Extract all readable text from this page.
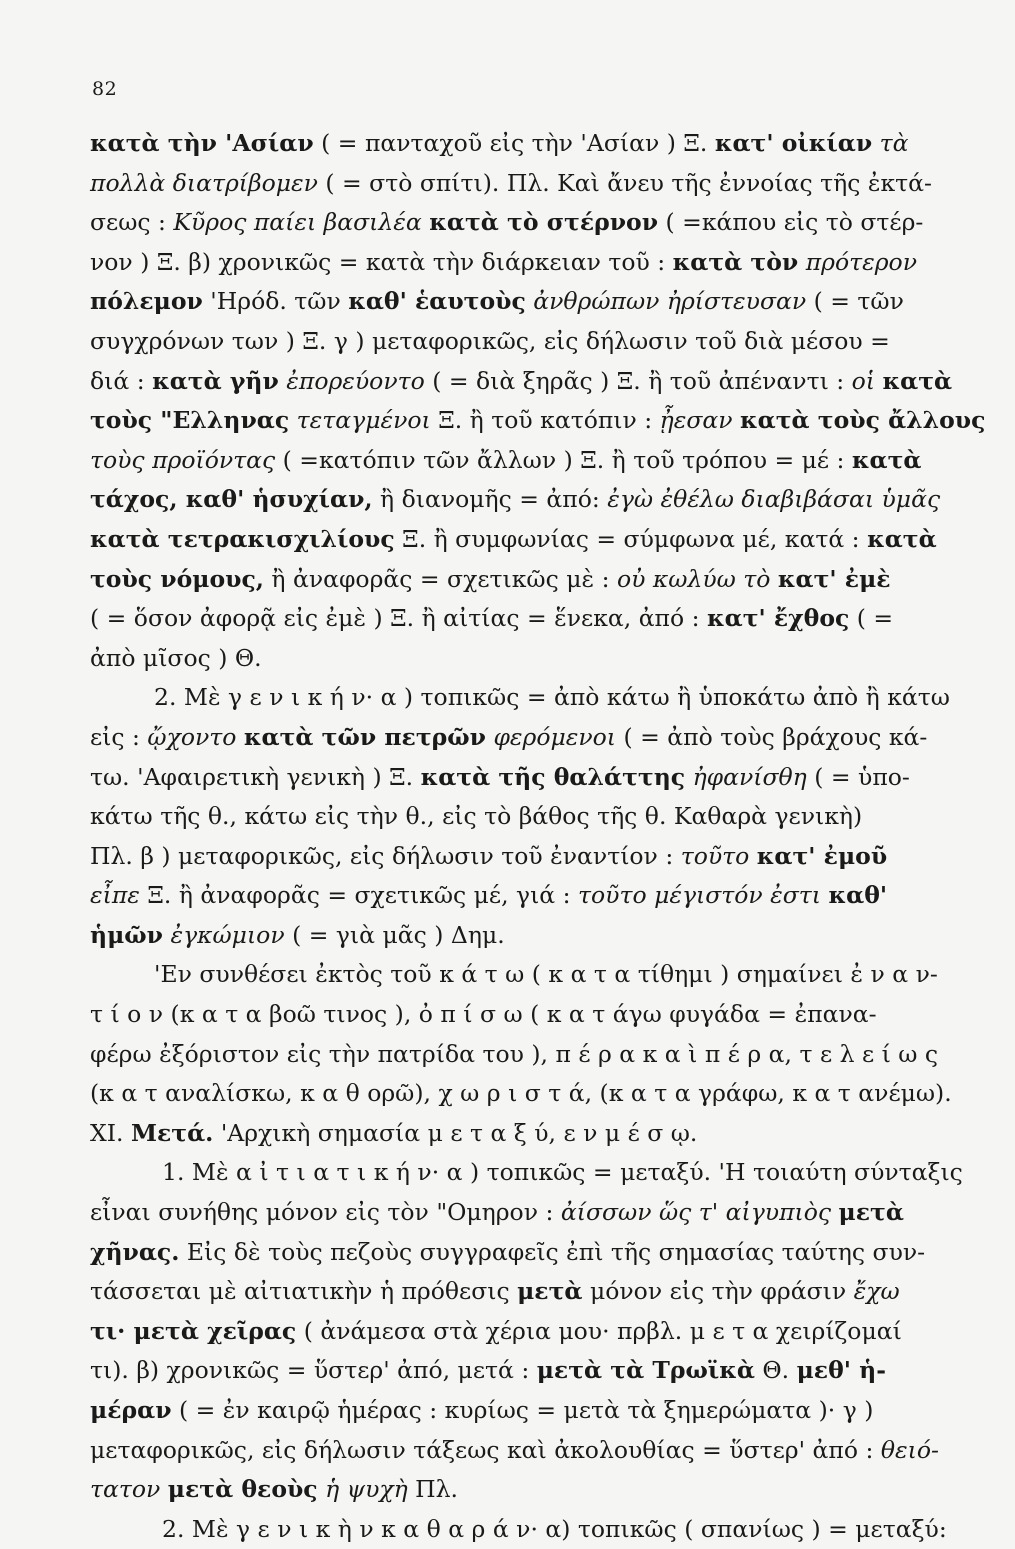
82
κατὰ τὴν 'Ασίαν ( = πανταχοῦ εἰς τὴν 'Ασίαν ) Ξ. κατ' οἰκίαν τὰ
πολλὰ διατρίβομεν ( = στὸ σπίτι). Πλ. Καὶ ἄνευ τῆς ἐννοίας τῆς ἐκτά-
σεως : Κῦρος παίει βασιλέα κατὰ τὸ στέρνον ( =κάπου εἰς τὸ στέρ-
νον ) Ξ. β) χρονικῶς = κατὰ τὴν διάρκειαν τοῦ : κατὰ τὸν πρότερον
πόλεμον 'Ηρόδ. τῶν καθ' ἑαυτοὺς ἀνθρώπων ἠρίστευσαν ( = τῶν
συγχρόνων των ) Ξ. γ ) μεταφορικῶς, εἰς δήλωσιν τοῦ διὰ μέσου =
διά : κατὰ γῆν ἐπορεύοντο ( = διὰ ξηρᾶς ) Ξ. ἢ τοῦ ἀπέναντι : οἱ κατὰ
τοὺς "Ελληνας τεταγμένοι Ξ. ἢ τοῦ κατόπιν : ᾖεσαν κατὰ τοὺς ἄλλους
τοὺς προϊόντας ( =κατόπιν τῶν ἄλλων ) Ξ. ἢ τοῦ τρόπου = μέ : κατὰ
τάχος, καθ' ἡσυχίαν, ἢ διανομῆς = ἀπό: ἐγὼ ἐθέλω διαβιβάσαι ὑμᾶς
κατὰ τετρακισχιλίους Ξ. ἢ συμφωνίας = σύμφωνα μέ, κατά : κατὰ
τοὺς νόμους, ἢ ἀναφορᾶς = σχετικῶς μὲ : οὐ κωλύω τὸ κατ' ἐμὲ
( = ὅσον ἀφορᾷ εἰς ἐμὲ ) Ξ. ἢ αἰτίας = ἕνεκα, ἀπό : κατ' ἔχθος ( =
ἀπὸ μῖσος ) Θ.
2. Μὲ γ ε ν ι κ ή ν· α ) τοπικῶς = ἀπὸ κάτω ἢ ὑποκάτω ἀπὸ ἢ κάτω
εἰς : ᾤχοντο κατὰ τῶν πετρῶν φερόμενοι ( = ἀπὸ τοὺς βράχους κά-
τω. 'Αφαιρετικὴ γενικὴ ) Ξ. κατὰ τῆς θαλάττης ἠφανίσθη ( = ὑπο-
κάτω τῆς θ., κάτω εἰς τὴν θ., εἰς τὸ βάθος τῆς θ. Καθαρὰ γενικὴ)
Πλ. β ) μεταφορικῶς, εἰς δήλωσιν τοῦ ἐναντίον : τοῦτο κατ' ἐμοῦ
εἶπε Ξ. ἢ ἀναφορᾶς = σχετικῶς μέ, γιά : τοῦτο μέγιστόν ἐστι καθ'
ἡμῶν ἐγκώμιον ( = γιὰ μᾶς ) Δημ.
'Εν συνθέσει ἐκτὸς τοῦ κ ά τ ω ( κ α τ α τίθημι ) σημαίνει ἐ ν α ν-
τ ί ο ν (κ α τ α βοῶ τινος ), ὀ π ί σ ω ( κ α τ άγω φυγάδα = ἐπανα-
φέρω ἐξόριστον εἰς τὴν πατρίδα του ), π έ ρ α κ α ὶ π έ ρ α, τ ε λ ε ί ω ς
(κ α τ αναλίσκω, κ α θ ορῶ), χ ω ρ ι σ τ ά, (κ α τ α γράφω, κ α τ ανέμω).
XI. Μετά. 'Αρχικὴ σημασία μ ε τ α ξ ύ, ε ν μ έ σ ῳ.
1. Μὲ α ἰ τ ι α τ ι κ ή ν· α ) τοπικῶς = μεταξύ. 'Η τοιαύτη σύνταξις
εἶναι συνήθης μόνον εἰς τὸν "Ομηρον : ἀίσσων ὥς τ' αἰγυπιὸς μετὰ
χῆνας. Εἰς δὲ τοὺς πεζοὺς συγγραφεῖς ἐπὶ τῆς σημασίας ταύτης συν-
τάσσεται μὲ αἰτιατικὴν ἡ πρόθεσις μετὰ μόνον εἰς τὴν φράσιν ἔχω
τι· μετὰ χεῖρας ( ἀνάμεσα στὰ χέρια μου· πρβλ. μ ε τ α χειρίζομαί
τι). β) χρονικῶς = ὕστερ' ἀπό, μετά : μετὰ τὰ Τρωϊκὰ Θ. μεθ' ἡ-
μέραν ( = ἐν καιρῷ ἡμέρας : κυρίως = μετὰ τὰ ξημερώματα )· γ )
μεταφορικῶς, εἰς δήλωσιν τάξεως καὶ ἀκολουθίας = ὕστερ' ἀπό : θειό-
τατον μετὰ θεοὺς ἡ ψυχὴ Πλ.
2. Μὲ γ ε ν ι κ ὴ ν κ α θ α ρ ά ν· α) τοπικῶς ( σπανίως ) = μεταξύ:
